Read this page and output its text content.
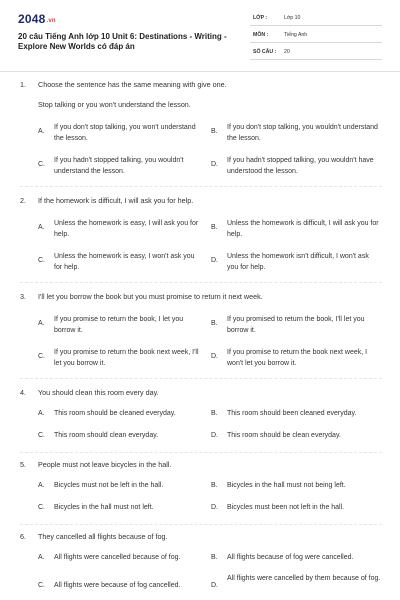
2048.vn
20 câu Tiếng Anh lớp 10 Unit 6: Destinations - Writing - Explore New Worlds có đáp án
LỚP :	Lớp 10
MÔN :	Tiếng Anh
SỐ CÂU : 20
1. Choose the sentence has the same meaning with give one.
Stop talking or you won't understand the lesson.
A.
If you don't stop talking, you won't understand the lesson.
B.
If you don't stop talking, you wouldn't understand the lesson.
C.
If you hadn't stopped talking, you wouldn't understand the lesson.
D.
If you hadn't stopped talking, you wouldn't have understood the lesson.
2. If the homework is difficult, I will ask you for help.
A.
Unless the homework is easy, I will ask you for help.
B.
Unless the homework is difficult, I will ask you for help.
C.
Unless the homework is easy, I won't ask you for help.
D.
Unless the homework isn't difficult, I won't ask you for help.
3. I'll let you borrow the book but you must promise to return it next week.
A.
If you promise to return the book, I let you borrow it.
B.
If you promised to return the book, I'll let you borrow it.
C.
If you promise to return the book next week, I'll let you borrow it.
D.
If you promise to return the book next week, I won't let you borrow it.
4. You should clean this room every day.
A. This room should be cleaned everyday.	B. This room should been cleaned everyday.
C. This room should clean everyday.	D. This room should be clean everyday.
5. People must not leave bicycles in the hall.
A. Bicycles must not be left in the hall.	B. Bicycles in the hall must not being left.
C. Bicycles in the hall must not left.	D. Bicycles must been not left in the hall.
6. They cancelled all flights because of fog.
A. All flights were cancelled because of fog.	B. All flights because of fog were cancelled.
C. All flights were because of fog cancelled.	D.
All flights were cancelled by them because of fog.
